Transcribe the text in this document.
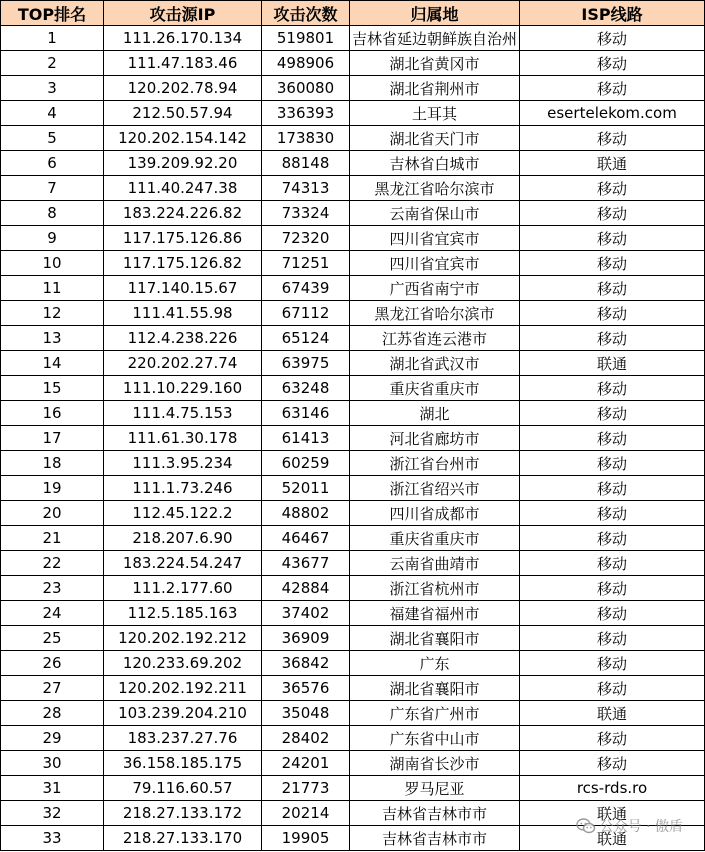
TOP排名	攻击源IP	攻击次数	归属地	ISP线路
1	111.26.170.134	519801	吉林省延边朝鲜族自治州	移动
2	111.47.183.46	498906	湖北省黄冈市	移动
3	120.202.78.94	360080	湖北省荆州市	移动
4	212.50.57.94	336393	土耳其	esertelekom.com
5	120.202.154.142	173830	湖北省天门市	移动
6	139.209.92.20	88148	吉林省白城市	联通
7	111.40.247.38	74313	黑龙江省哈尔滨市	移动
8	183.224.226.82	73324	云南省保山市	移动
9	117.175.126.86	72320	四川省宜宾市	移动
10	117.175.126.82	71251	四川省宜宾市	移动
11	117.140.15.67	67439	广西省南宁市	移动
12	111.41.55.98	67112	黑龙江省哈尔滨市	移动
13	112.4.238.226	65124	江苏省连云港市	移动
14	220.202.27.74	63975	湖北省武汉市	联通
15	111.10.229.160	63248	重庆省重庆市	移动
16	111.4.75.153	63146	湖北	移动
17	111.61.30.178	61413	河北省廊坊市	移动
18	111.3.95.234	60259	浙江省台州市	移动
19	111.1.73.246	52011	浙江省绍兴市	移动
20	112.45.122.2	48802	四川省成都市	移动
21	218.207.6.90	46467	重庆省重庆市	移动
22	183.224.54.247	43677	云南省曲靖市	移动
23	111.2.177.60	42884	浙江省杭州市	移动
24	112.5.185.163	37402	福建省福州市	移动
25	120.202.192.212	36909	湖北省襄阳市	移动
26	120.233.69.202	36842	广东	移动
27	120.202.192.211	36576	湖北省襄阳市	移动
28	103.239.204.210	35048	广东省广州市	联通
29	183.237.27.76	28402	广东省中山市	移动
30	36.158.185.175	24201	湖南省长沙市	移动
31	79.116.60.57	21773	罗马尼亚	rcs-rds.ro
32	218.27.133.172	20214	吉林省吉林市市	联通
33	218.27.133.170	19905	吉林省吉林市市	联通
公众号 · 傲盾
